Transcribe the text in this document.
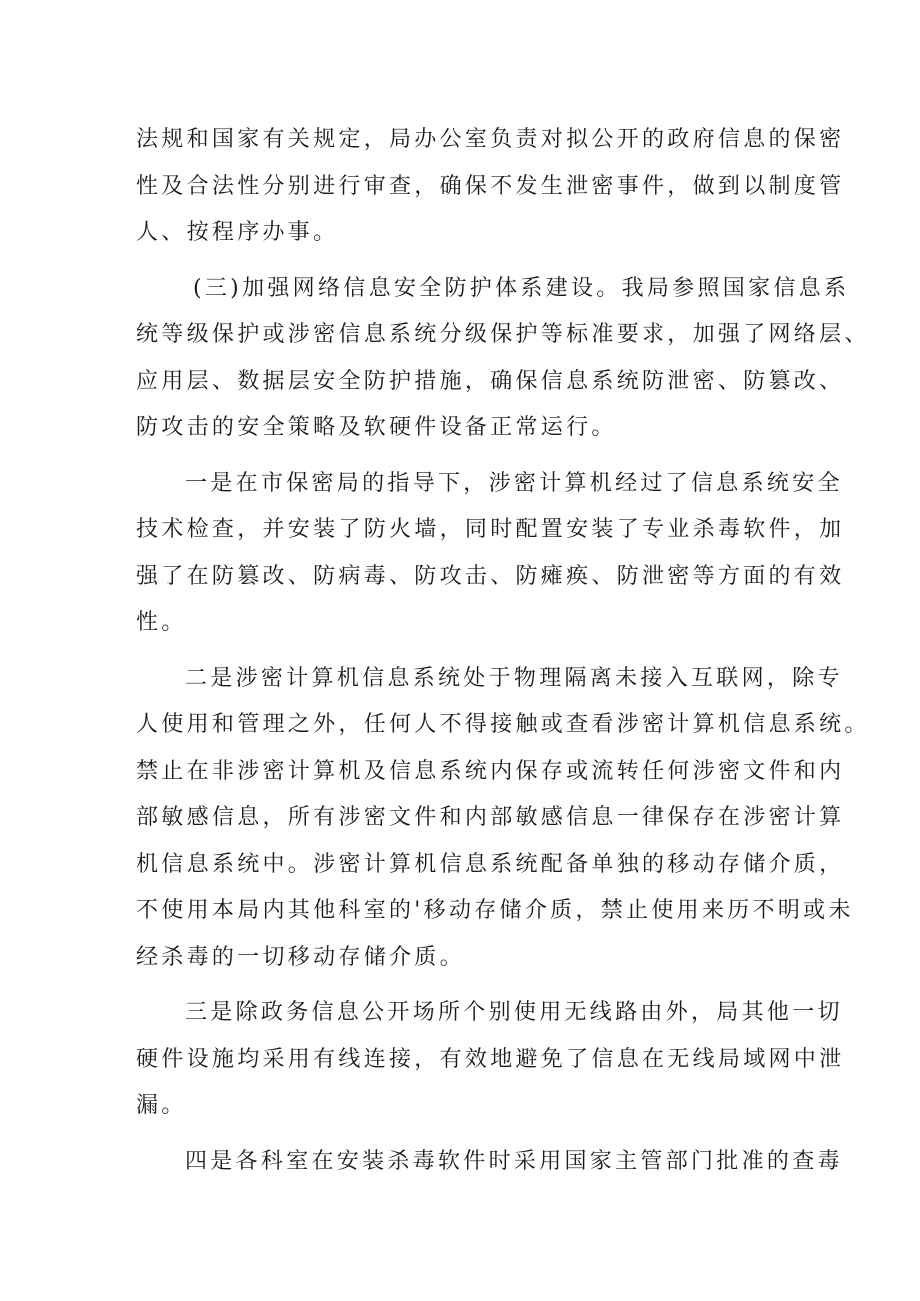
法规和国家有关规定，局办公室负责对拟公开的政府信息的保密
性及合法性分别进行审查，确保不发生泄密事件，做到以制度管
人、按程序办事。
(三)加强网络信息安全防护体系建设。我局参照国家信息系
统等级保护或涉密信息系统分级保护等标准要求，加强了网络层、
应用层、数据层安全防护措施，确保信息系统防泄密、防篡改、
防攻击的安全策略及软硬件设备正常运行。
一是在市保密局的指导下，涉密计算机经过了信息系统安全
技术检查，并安装了防火墙，同时配置安装了专业杀毒软件，加
强了在防篡改、防病毒、防攻击、防瘫痪、防泄密等方面的有效
性。
二是涉密计算机信息系统处于物理隔离未接入互联网，除专
人使用和管理之外，任何人不得接触或查看涉密计算机信息系统。
禁止在非涉密计算机及信息系统内保存或流转任何涉密文件和内
部敏感信息，所有涉密文件和内部敏感信息一律保存在涉密计算
机信息系统中。涉密计算机信息系统配备单独的移动存储介质，
不使用本局内其他科室的'移动存储介质，禁止使用来历不明或未
经杀毒的一切移动存储介质。
三是除政务信息公开场所个别使用无线路由外，局其他一切
硬件设施均采用有线连接，有效地避免了信息在无线局域网中泄
漏。
四是各科室在安装杀毒软件时采用国家主管部门批准的查毒
